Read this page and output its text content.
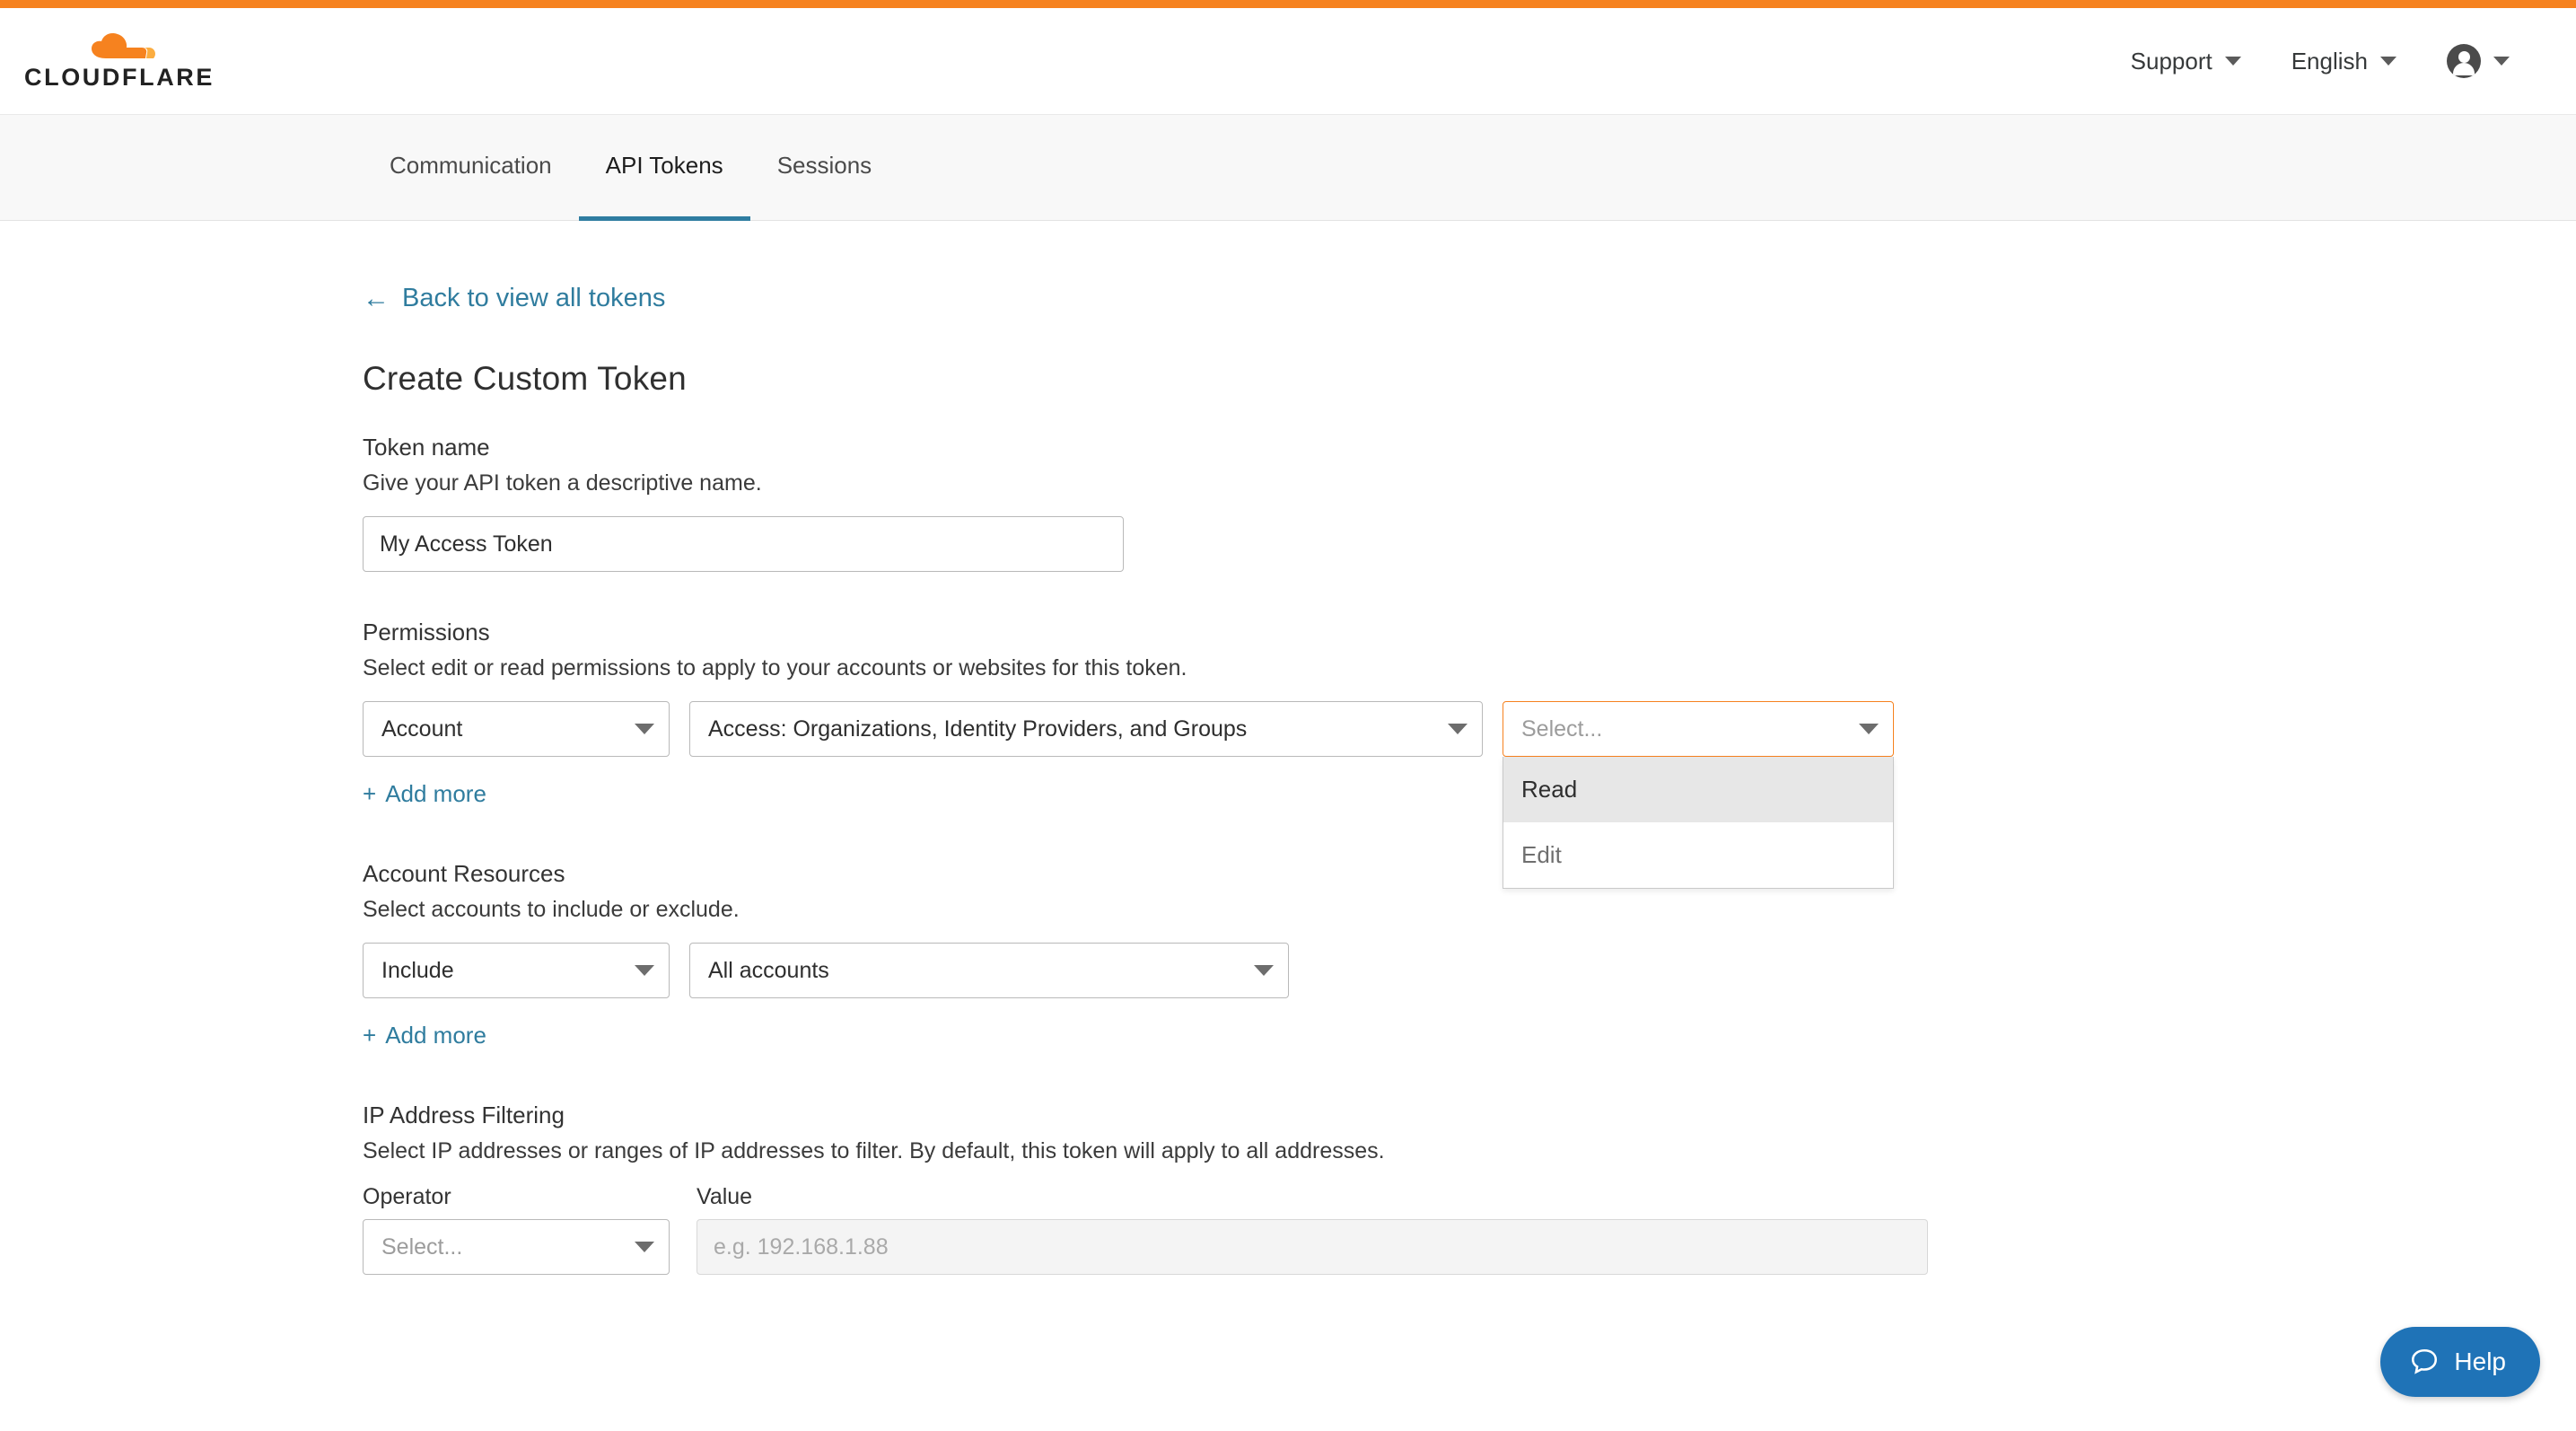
CLOUDFLARE
Support	English
Communication API Tokens Sessions
← Back to view all tokens
Create Custom Token
Token name
Give your API token a descriptive name.
My Access Token
Permissions
Select edit or read permissions to apply to your accounts or websites for this token.
Account	Access: Organizations, Identity Providers, and Groups	Select...
Read
Edit
+ Add more
Account Resources
Select accounts to include or exclude.
Include	All accounts
+ Add more
IP Address Filtering
Select IP addresses or ranges of IP addresses to filter. By default, this token will apply to all addresses.
Operator
Select...
Value
e.g. 192.168.1.88
Help
